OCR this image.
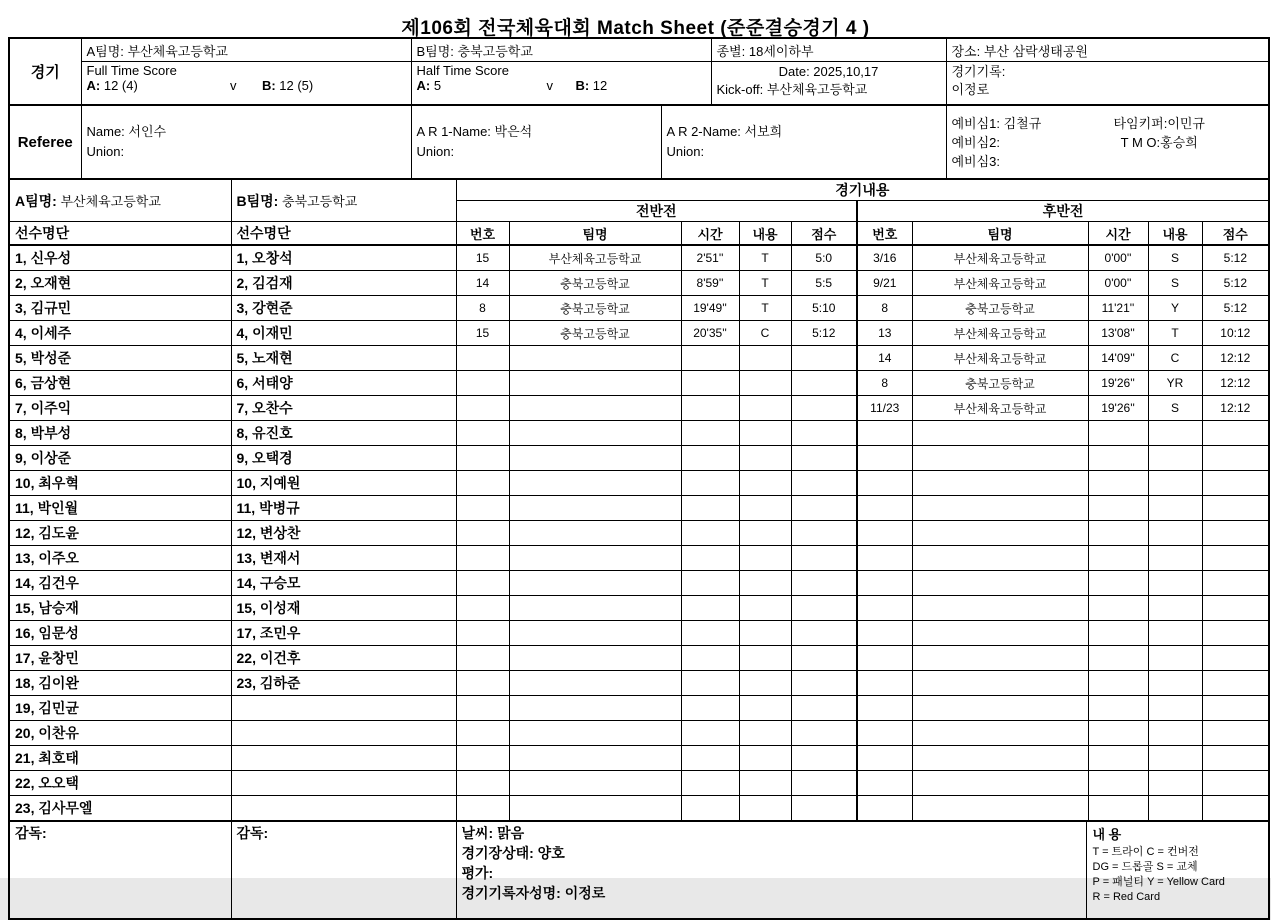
제106회 전국체육대회 Match Sheet (준준결승경기 4 )
경기	A팀명: 부산체육고등학교	B팀명: 충북고등학교	종별: 18세이하부	장소: 부산 삼락생태공원

Full Time Score
A: 12 (4)	v	B: 12 (5)

Half Time Score
A: 5	v	B: 12

Date: 2025,10,17
Kick-off: 부산체육고등학교

경기기록:
이정로
Referee	
Name: 서인수
Union:

A R 1-Name: 박은석
Union:

A R 2-Name: 서보희
Union:

예비심1: 김철규
예비심2:
예비심3:
타임키퍼:이민규
T M O:홍승희
A팀명: 부산체육고등학교	B팀명: 충북고등학교	경기내용									
		전반전					후반전				
선수명단	선수명단	번호	팀명	시간	내용	점수	번호	팀명	시간	내용	점수
1, 신우성	1, 오창석	15	부산체육고등학교	2'51''	T	5:0	3/16	부산체육고등학교	0'00''	S	5:12
2, 오재현	2, 김검재	14	충북고등학교	8'59''	T	5:5	9/21	부산체육고등학교	0'00''	S	5:12
3, 김규민	3, 강현준	8	충북고등학교	19'49''	T	5:10	8	충북고등학교	11'21''	Y	5:12
4, 이세주	4, 이재민	15	충북고등학교	20'35''	C	5:12	13	부산체육고등학교	13'08''	T	10:12
5, 박성준	5, 노재현						14	부산체육고등학교	14'09''	C	12:12
6, 금상현	6, 서태양						8	충북고등학교	19'26''	YR	12:12
7, 이주익	7, 오찬수						11/23	부산체육고등학교	19'26''	S	12:12
8, 박부성	8, 유진호										
9, 이상준	9, 오택경										
10, 최우혁	10, 지예원										
11, 박인월	11, 박병규										
12, 김도윤	12, 변상찬										
13, 이주오	13, 변재서										
14, 김건우	14, 구승모										
15, 남승재	15, 이성재										
16, 임문성	17, 조민우										
17, 윤창민	22, 이건후										
18, 김이완	23, 김하준										
19, 김민균											
20, 이찬유											
21, 최호태											
22, 오오택											
23, 김사무엘											
감독:	감독:	날씨: 맑음
경기장상태: 양호
평가:
경기기록자성명: 이정로

내 용
T = 트라이 C = 컨버전
DG = 드롭골 S = 교체
P = 패널티 Y = Yellow Card
R = Red Card
